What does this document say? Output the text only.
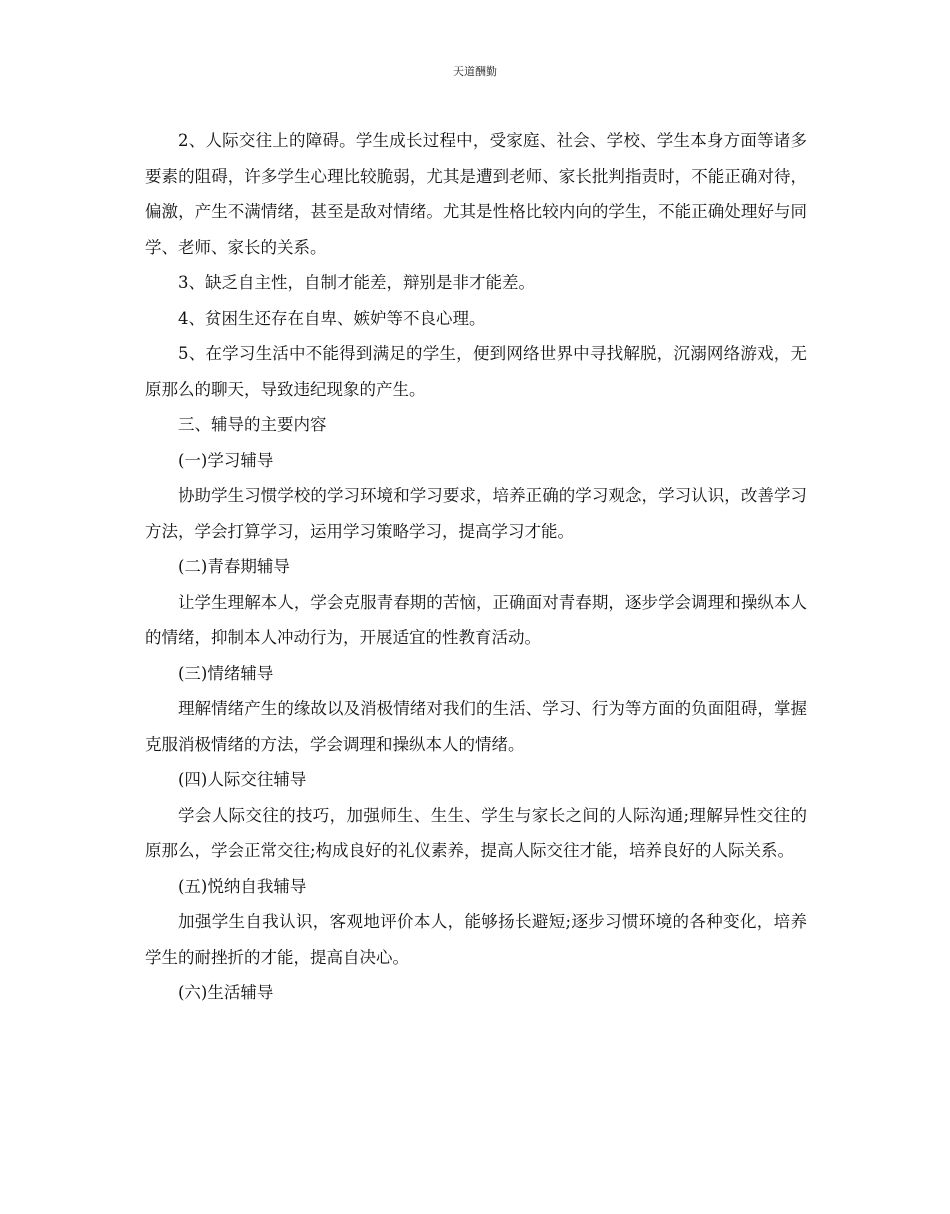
天道酬勤

2、人际交往上的障碍。学生成长过程中，受家庭、社会、学校、学生本身方面等诸多要素的阻碍，许多学生心理比较脆弱，尤其是遭到老师、家长批判指责时，不能正确对待，偏激，产生不满情绪，甚至是敌对情绪。尤其是性格比较内向的学生，不能正确处理好与同学、老师、家长的关系。

3、缺乏自主性，自制才能差，辩别是非才能差。

4、贫困生还存在自卑、嫉妒等不良心理。

5、在学习生活中不能得到满足的学生，便到网络世界中寻找解脱，沉溺网络游戏，无原那么的聊天，导致违纪现象的产生。

三、辅导的主要内容

(一)学习辅导

协助学生习惯学校的学习环境和学习要求，培养正确的学习观念，学习认识，改善学习方法，学会打算学习，运用学习策略学习，提高学习才能。

(二)青春期辅导

让学生理解本人，学会克服青春期的苦恼，正确面对青春期，逐步学会调理和操纵本人的情绪，抑制本人冲动行为，开展适宜的性教育活动。

(三)情绪辅导

理解情绪产生的缘故以及消极情绪对我们的生活、学习、行为等方面的负面阻碍，掌握克服消极情绪的方法，学会调理和操纵本人的情绪。

(四)人际交往辅导

学会人际交往的技巧，加强师生、生生、学生与家长之间的人际沟通;理解异性交往的原那么，学会正常交往;构成良好的礼仪素养，提高人际交往才能，培养良好的人际关系。

(五)悦纳自我辅导

加强学生自我认识，客观地评价本人，能够扬长避短;逐步习惯环境的各种变化，培养学生的耐挫折的才能，提高自决心。

(六)生活辅导
